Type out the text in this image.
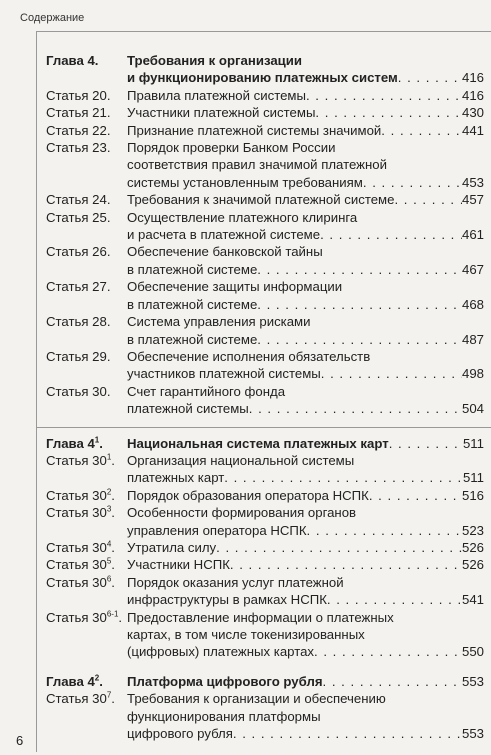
Содержание
Глава 4.	Требования к организации
и функционированию платежных систем . . .	416
Статья 20.	Правила платежной системы . . .	416
Статья 21.	Участники платежной системы . . .	430
Статья 22.	Признание платежной системы значимой . . .	441
Статья 23.	Порядок проверки Банком России
соответствия правил значимой платежной
системы установленным требованиям . . .	453
Статья 24.	Требования к значимой платежной системе . . .	457
Статья 25.	Осуществление платежного клиринга
и расчета в платежной системе . . .	461
Статья 26.	Обеспечение банковской тайны
в платежной системе . . .	467
Статья 27.	Обеспечение защиты информации
в платежной системе . . .	468
Статья 28.	Система управления рисками
в платежной системе . . .	487
Статья 29.	Обеспечение исполнения обязательств
участников платежной системы . . .	498
Статья 30.	Счет гарантийного фонда
платежной системы . . .	504
Глава $4^1$.	Национальная система платежных карт . . .	511
Статья $30^1$. Организация национальной системы
платежных карт . . .	511
Статья $30^2$. Порядок образования оператора НСПК . . .	516
Статья $30^3$. Особенности формирования органов
управления оператора НСПК . . .	523
Статья $30^4$. Утратила силу . . .	526
Статья $30^5$. Участники НСПК . . .	526
Статья $30^6$. Порядок оказания услуг платежной
инфраструктуры в рамках НСПК . . .	541
Статья 30$^{6-1}$. Предоставление информации о платежных
картах, в том числе токенизированных
(цифровых) платежных картах . . .	550
Глава $4^2$.	Платформа цифрового рубля . . .	553
Статья $30^7$. Требования к организации и обеспечению
функционирования платформы
цифрового рубля . . .	553
6
